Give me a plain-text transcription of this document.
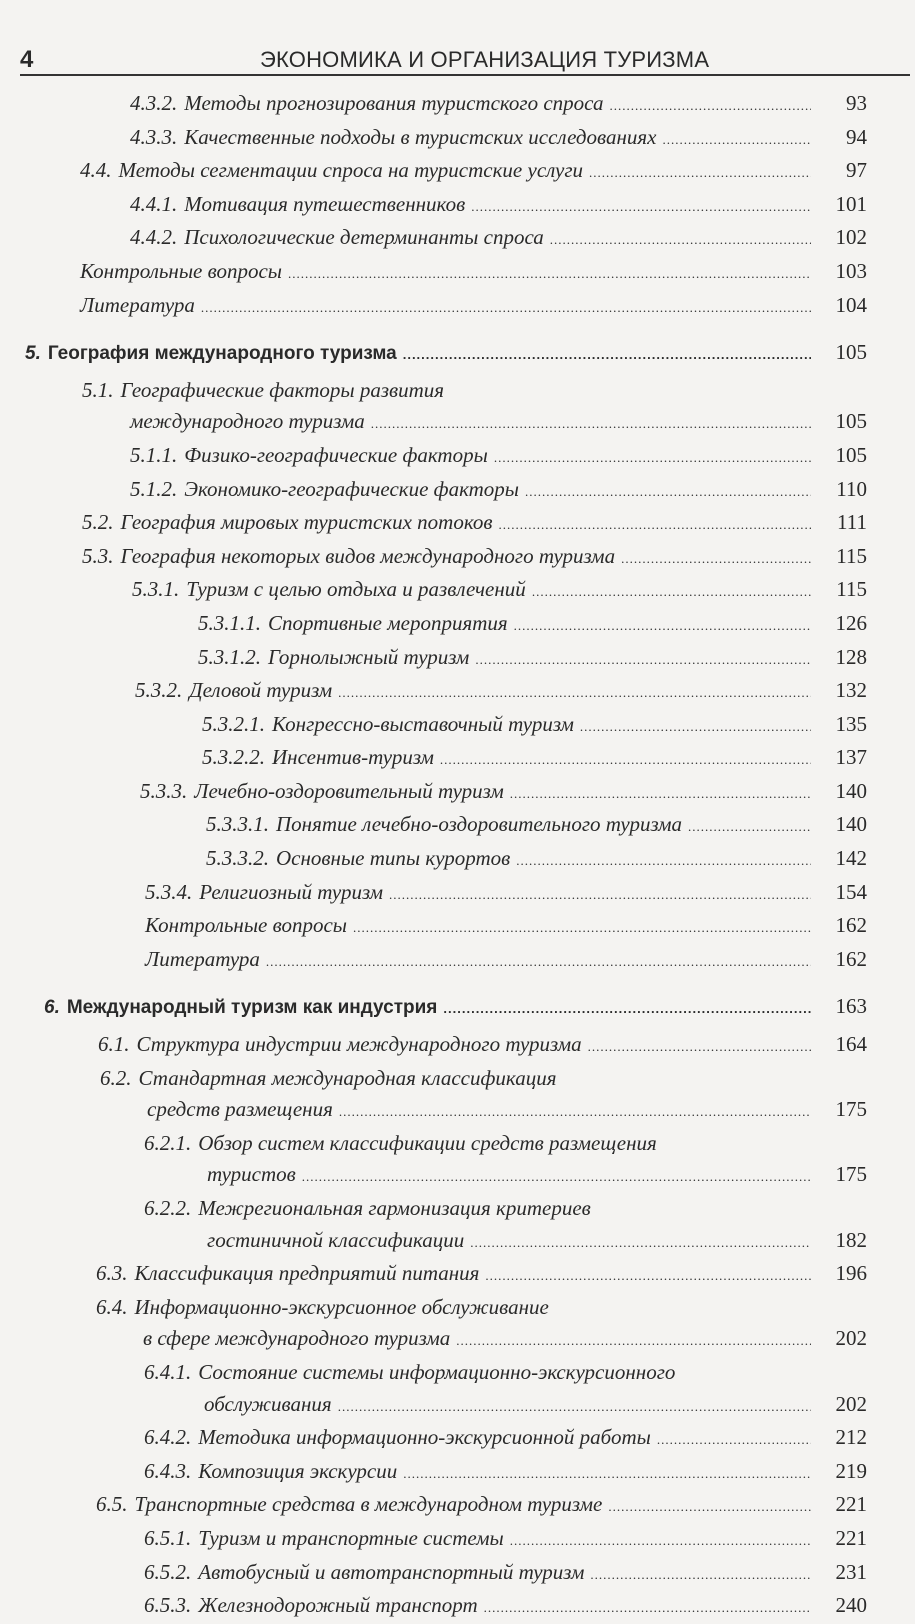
4	ЭКОНОМИКА И ОРГАНИЗАЦИЯ ТУРИЗМА
4.3.2. Методы прогнозирования туристского спроса .....	93
4.3.3. Качественные подходы в туристских исследованиях .....	94
4.4. Методы сегментации спроса на туристские услуги .....	97
4.4.1. Мотивация путешественников .....	101
4.4.2. Психологические детерминанты спроса .....	102
Контрольные вопросы .....	103
Литература .....	104
5. География международного туризма .....	105
5.1. Географические факторы развития
международного туризма .....	105
5.1.1. Физико-географические факторы .....	105
5.1.2. Экономико-географические факторы .....	110
5.2. География мировых туристских потоков .....	111
5.3. География некоторых видов международного туризма .....	115
5.3.1. Туризм с целью отдыха и развлечений .....	115
5.3.1.1. Спортивные мероприятия .....	126
5.3.1.2. Горнолыжный туризм .....	128
5.3.2. Деловой туризм .....	132
5.3.2.1. Конгрессно-выставочный туризм .....	135
5.3.2.2. Инсентив-туризм .....	137
5.3.3. Лечебно-оздоровительный туризм .....	140
5.3.3.1. Понятие лечебно-оздоровительного туризма .....	140
5.3.3.2. Основные типы курортов .....	142
5.3.4. Религиозный туризм .....	154
Контрольные вопросы .....	162
Литература .....	162
6. Международный туризм как индустрия .....	163
6.1. Структура индустрии международного туризма .....	164
6.2. Стандартная международная классификация
средств размещения .....	175
6.2.1. Обзор систем классификации средств размещения
туристов .....	175
6.2.2. Межрегиональная гармонизация критериев
гостиничной классификации .....	182
6.3. Классификация предприятий питания .....	196
6.4. Информационно-экскурсионное обслуживание
в сфере международного туризма .....	202
6.4.1. Состояние системы информационно-экскурсионного
обслуживания .....	202
6.4.2. Методика информационно-экскурсионной работы .....	212
6.4.3. Композиция экскурсии .....	219
6.5. Транспортные средства в международном туризме .....	221
6.5.1. Туризм и транспортные системы .....	221
6.5.2. Автобусный и автотранспортный туризм .....	231
6.5.3. Железнодорожный транспорт .....	240
